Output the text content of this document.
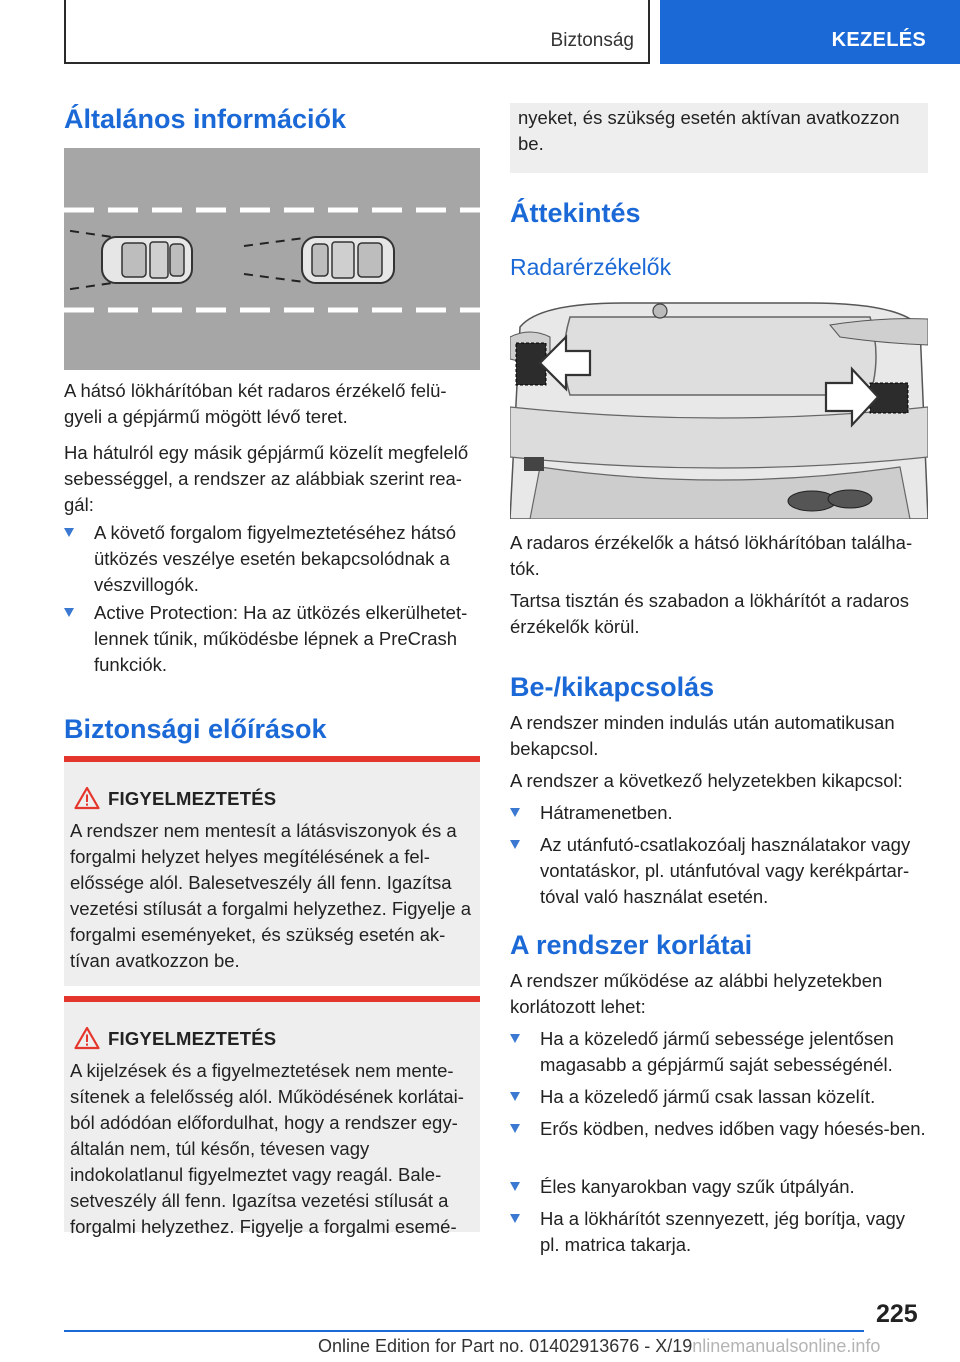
Biztonság	KEZELÉS
Általános információk

A hátsó lökhárítóban két radaros érzékelő felü-gyeli a gépjármű mögött lévő teret.

Ha hátulról egy másik gépjármű közelít megfelelő sebességgel, a rendszer az alábbiak szerint rea-gál:

A követő forgalom figyelmeztetéséhez hátsó ütközés veszélye esetén bekapcsolódnak a vészvillogók.
Active Protection: Ha az ütközés elkerülhetet-lennek tűnik, működésbe lépnek a PreCrash funkciók.
Biztonsági előírások
FIGYELMEZTETÉS
A rendszer nem mentesít a látásviszonyok és a forgalmi helyzet helyes megítélésének a fel-előssége alól. Balesetveszély áll fenn. Igazítsa vezetési stílusát a forgalmi helyzethez. Figyelje a forgalmi eseményeket, és szükség esetén ak-tívan avatkozzon be.
FIGYELMEZTETÉS
A kijelzések és a figyelmeztetések nem mente-sítenek a felelősség alól. Működésének korlátai-ból adódóan előfordulhat, hogy a rendszer egy-általán nem, túl későn, tévesen vagy indokolatlanul figyelmeztet vagy reagál. Bale-setveszély áll fenn. Igazítsa vezetési stílusát a forgalmi helyzethez. Figyelje a forgalmi esemé-

nyeket, és szükség esetén aktívan avatkozzon be.

Áttekintés
Radarérzékelők

A radaros érzékelők a hátsó lökhárítóban találha-tók.

Tartsa tisztán és szabadon a lökhárítót a radaros érzékelők körül.

Be-/kikapcsolás

A rendszer minden indulás után automatikusan bekapcsol.

A rendszer a következő helyzetekben kikapcsol:

Hátramenetben.
Az utánfutó-csatlakozóalj használatakor vagy vontatáskor, pl. utánfutóval vagy kerékpártar-tóval való használat esetén.
A rendszer korlátai

A rendszer működése az alábbi helyzetekben korlátozott lehet:

Ha a közeledő jármű sebessége jelentősen magasabb a gépjármű saját sebességénél.
Ha a közeledő jármű csak lassan közelít.
Erős ködben, nedves időben vagy hóesés-ben.
Éles kanyarokban vagy szűk útpályán.
Ha a lökhárítót szennyezett, jég borítja, vagy pl. matrica takarja.
225
Online Edition for Part no. 01402913676 - X/19nlinemanualsonline.info
